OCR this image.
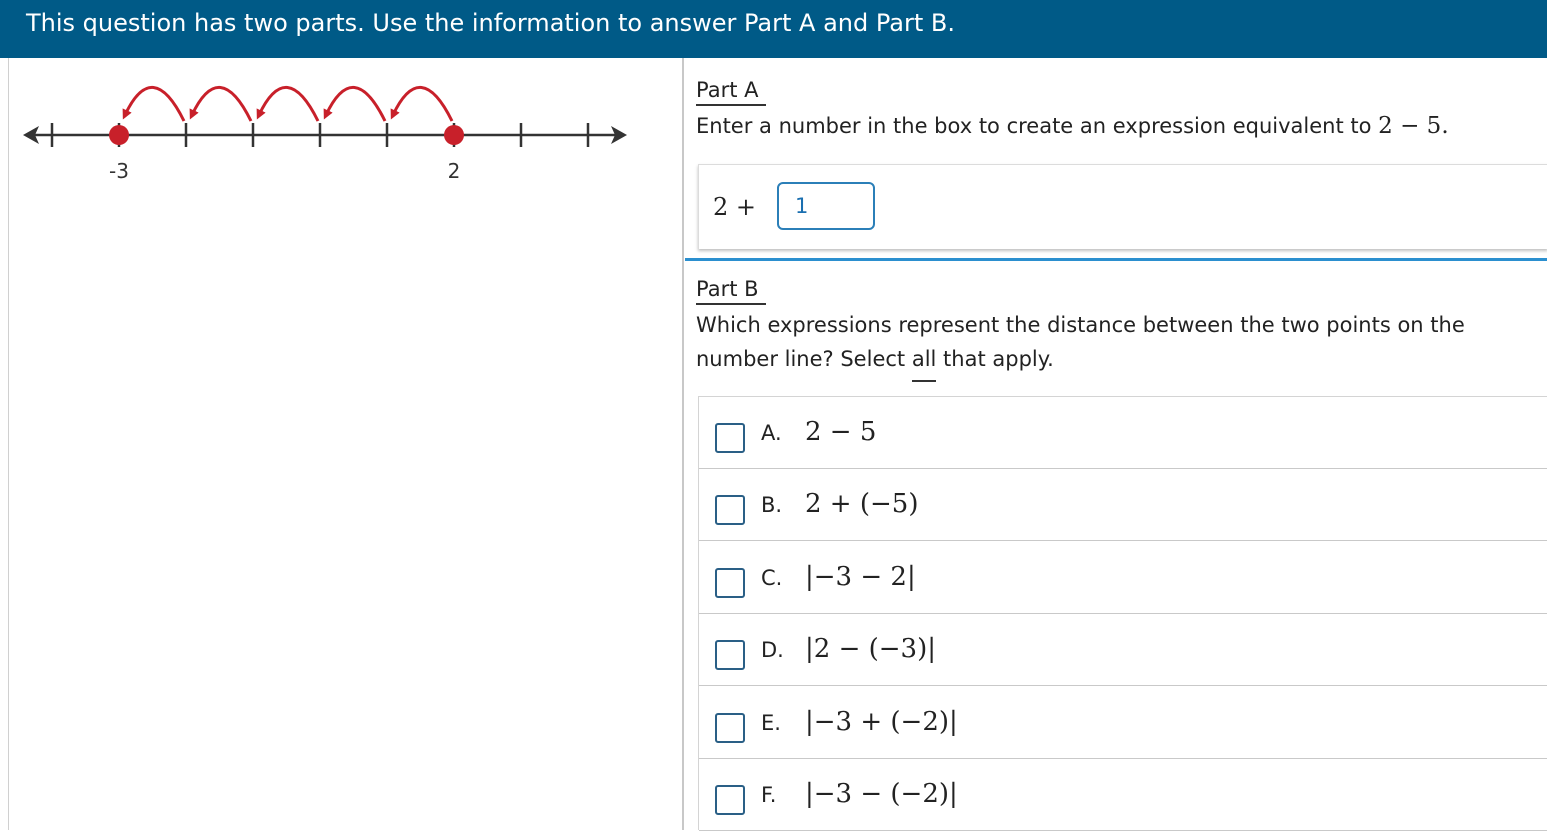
This question has two parts. Use the information to answer Part A and Part B.
-3	2
Part A
Enter a number in the box to create an expression equivalent to 2 − 5.
2 +
1
Part B
Which expressions represent the distance between the two points on the
number line? Select all that apply.
A. 2 − 5
B. 2 + (−5)
C. |−3 − 2|
D. |2 − (−3)|
E. |−3 + (−2)|
F. |−3 − (−2)|
